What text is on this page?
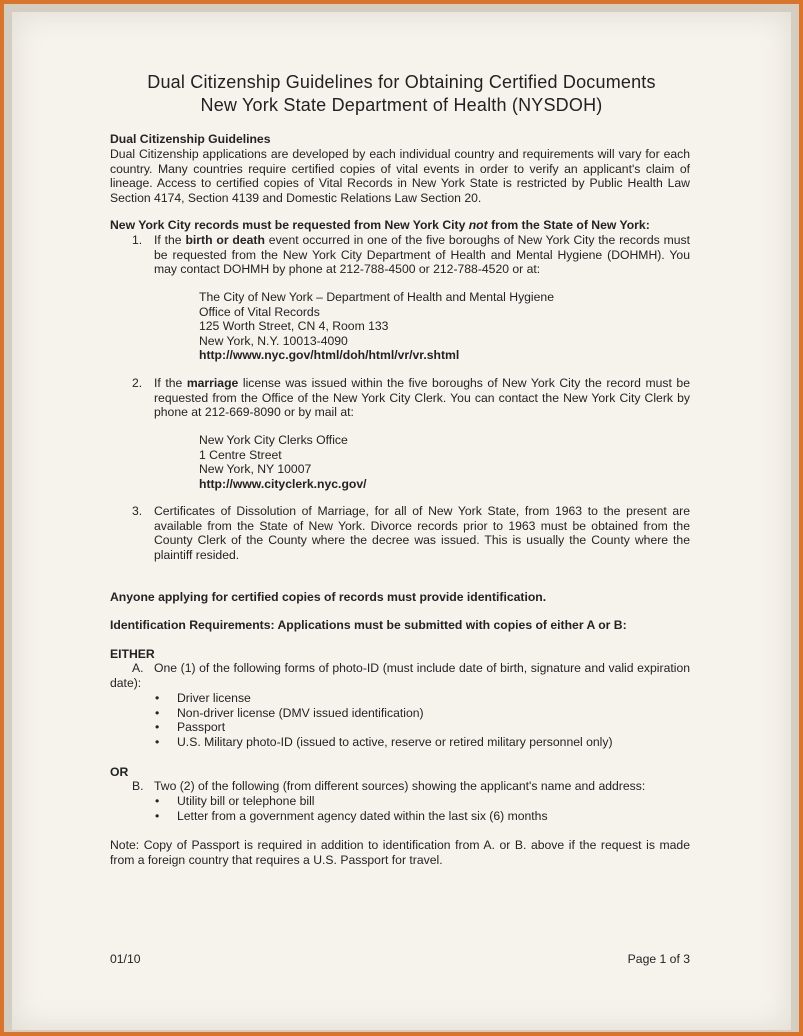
Dual Citizenship Guidelines for Obtaining Certified Documents
New York State Department of Health (NYSDOH)
Dual Citizenship Guidelines
Dual Citizenship applications are developed by each individual country and requirements will vary for each country. Many countries require certified copies of vital events in order to verify an applicant's claim of lineage. Access to certified copies of Vital Records in New York State is restricted by Public Health Law Section 4174, Section 4139 and Domestic Relations Law Section 20.
New York City records must be requested from New York City not from the State of New York:
1. If the birth or death event occurred in one of the five boroughs of New York City the records must be requested from the New York City Department of Health and Mental Hygiene (DOHMH). You may contact DOHMH by phone at 212-788-4500 or 212-788-4520 or at:
The City of New York – Department of Health and Mental Hygiene
Office of Vital Records
125 Worth Street, CN 4, Room 133
New York, N.Y. 10013-4090
http://www.nyc.gov/html/doh/html/vr/vr.shtml
2. If the marriage license was issued within the five boroughs of New York City the record must be requested from the Office of the New York City Clerk. You can contact the New York City Clerk by phone at 212-669-8090 or by mail at:
New York City Clerks Office
1 Centre Street
New York, NY 10007
http://www.cityclerk.nyc.gov/
3. Certificates of Dissolution of Marriage, for all of New York State, from 1963 to the present are available from the State of New York. Divorce records prior to 1963 must be obtained from the County Clerk of the County where the decree was issued. This is usually the County where the plaintiff resided.
Anyone applying for certified copies of records must provide identification.
Identification Requirements: Applications must be submitted with copies of either A or B:
EITHER
A. One (1) of the following forms of photo-ID (must include date of birth, signature and valid expiration date):
• Driver license
• Non-driver license (DMV issued identification)
• Passport
• U.S. Military photo-ID (issued to active, reserve or retired military personnel only)
OR
B. Two (2) of the following (from different sources) showing the applicant's name and address:
• Utility bill or telephone bill
• Letter from a government agency dated within the last six (6) months
Note: Copy of Passport is required in addition to identification from A. or B. above if the request is made from a foreign country that requires a U.S. Passport for travel.
01/10	Page 1 of 3
